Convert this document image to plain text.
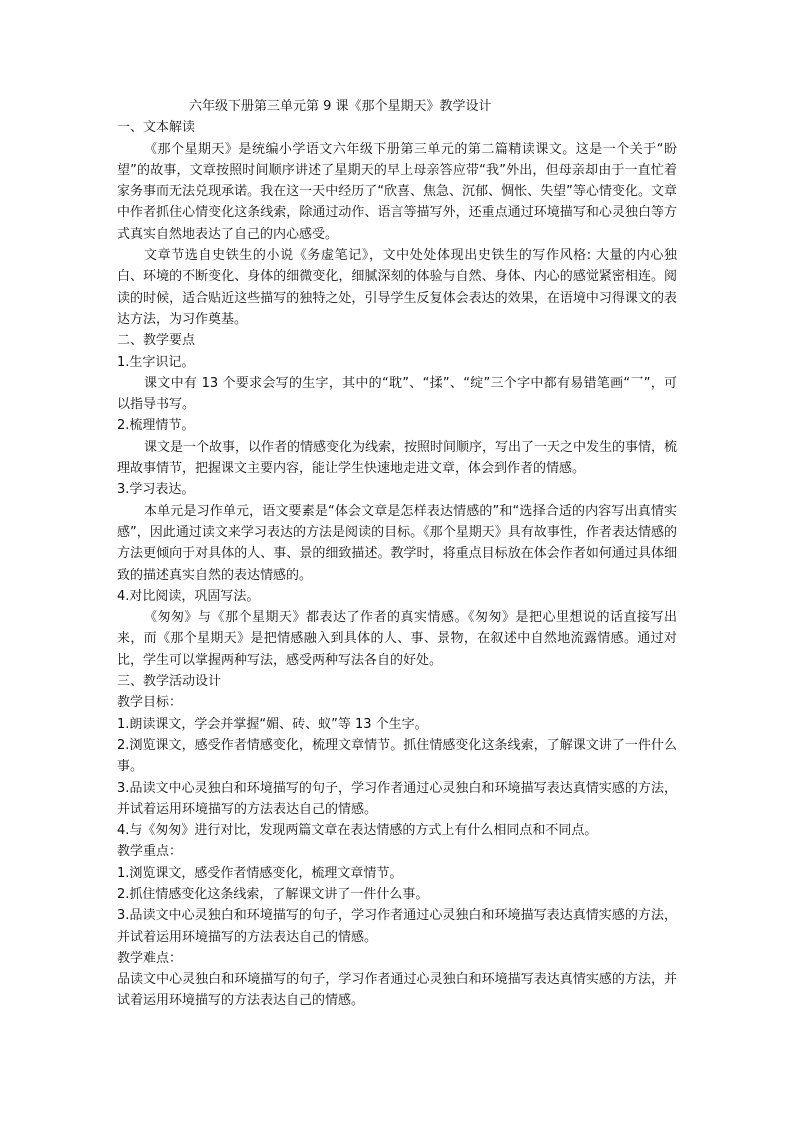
六年级下册第三单元第 9 课《那个星期天》教学设计

一、文本解读

《那个星期天》是统编小学语文六年级下册第三单元的第二篇精读课文。这是一个关于“盼望”的故事，文章按照时间顺序讲述了星期天的早上母亲答应带“我”外出，但母亲却由于一直忙着家务事而无法兑现承诺。我在这一天中经历了“欣喜、焦急、沉郁、惆怅、失望”等心情变化。文章中作者抓住心情变化这条线索，除通过动作、语言等描写外，还重点通过环境描写和心灵独白等方式真实自然地表达了自己的内心感受。

文章节选自史铁生的小说《务虚笔记》，文中处处体现出史铁生的写作风格: 大量的内心独白、环境的不断变化、身体的细微变化，细腻深刻的体验与自然、身体、内心的感觉紧密相连。阅读的时候，适合贴近这些描写的独特之处，引导学生反复体会表达的效果，在语境中习得课文的表达方法，为习作奠基。

二、教学要点

1.生字识记。

课文中有 13 个要求会写的生字，其中的“耽”、“揉”、“绽”三个字中都有易错笔画“乛”，可以指导书写。

2.梳理情节。

课文是一个故事，以作者的情感变化为线索，按照时间顺序，写出了一天之中发生的事情，梳理故事情节，把握课文主要内容，能让学生快速地走进文章，体会到作者的情感。

3.学习表达。

本单元是习作单元，语文要素是“体会文章是怎样表达情感的”和“选择合适的内容写出真情实感”，因此通过读文来学习表达的方法是阅读的目标。《那个星期天》具有故事性，作者表达情感的方法更倾向于对具体的人、事、景的细致描述。教学时，将重点目标放在体会作者如何通过具体细致的描述真实自然的表达情感的。

4.对比阅读，巩固写法。

《匆匆》与《那个星期天》都表达了作者的真实情感。《匆匆》是把心里想说的话直接写出来，而《那个星期天》是把情感融入到具体的人、事、景物，在叙述中自然地流露情感。通过对比，学生可以掌握两种写法，感受两种写法各自的好处。

三、教学活动设计

教学目标：

1.朗读课文，学会并掌握“媚、砖、蚁”等 13 个生字。

2.浏览课文，感受作者情感变化，梳理文章情节。抓住情感变化这条线索，了解课文讲了一件什么事。

3.品读文中心灵独白和环境描写的句子，学习作者通过心灵独白和环境描写表达真情实感的方法，并试着运用环境描写的方法表达自己的情感。

4.与《匆匆》进行对比，发现两篇文章在表达情感的方式上有什么相同点和不同点。

教学重点：

1.浏览课文，感受作者情感变化，梳理文章情节。

2.抓住情感变化这条线索，了解课文讲了一件什么事。

3.品读文中心灵独白和环境描写的句子，学习作者通过心灵独白和环境描写表达真情实感的方法，并试着运用环境描写的方法表达自己的情感。

教学难点：

品读文中心灵独白和环境描写的句子，学习作者通过心灵独白和环境描写表达真情实感的方法，并试着运用环境描写的方法表达自己的情感。
